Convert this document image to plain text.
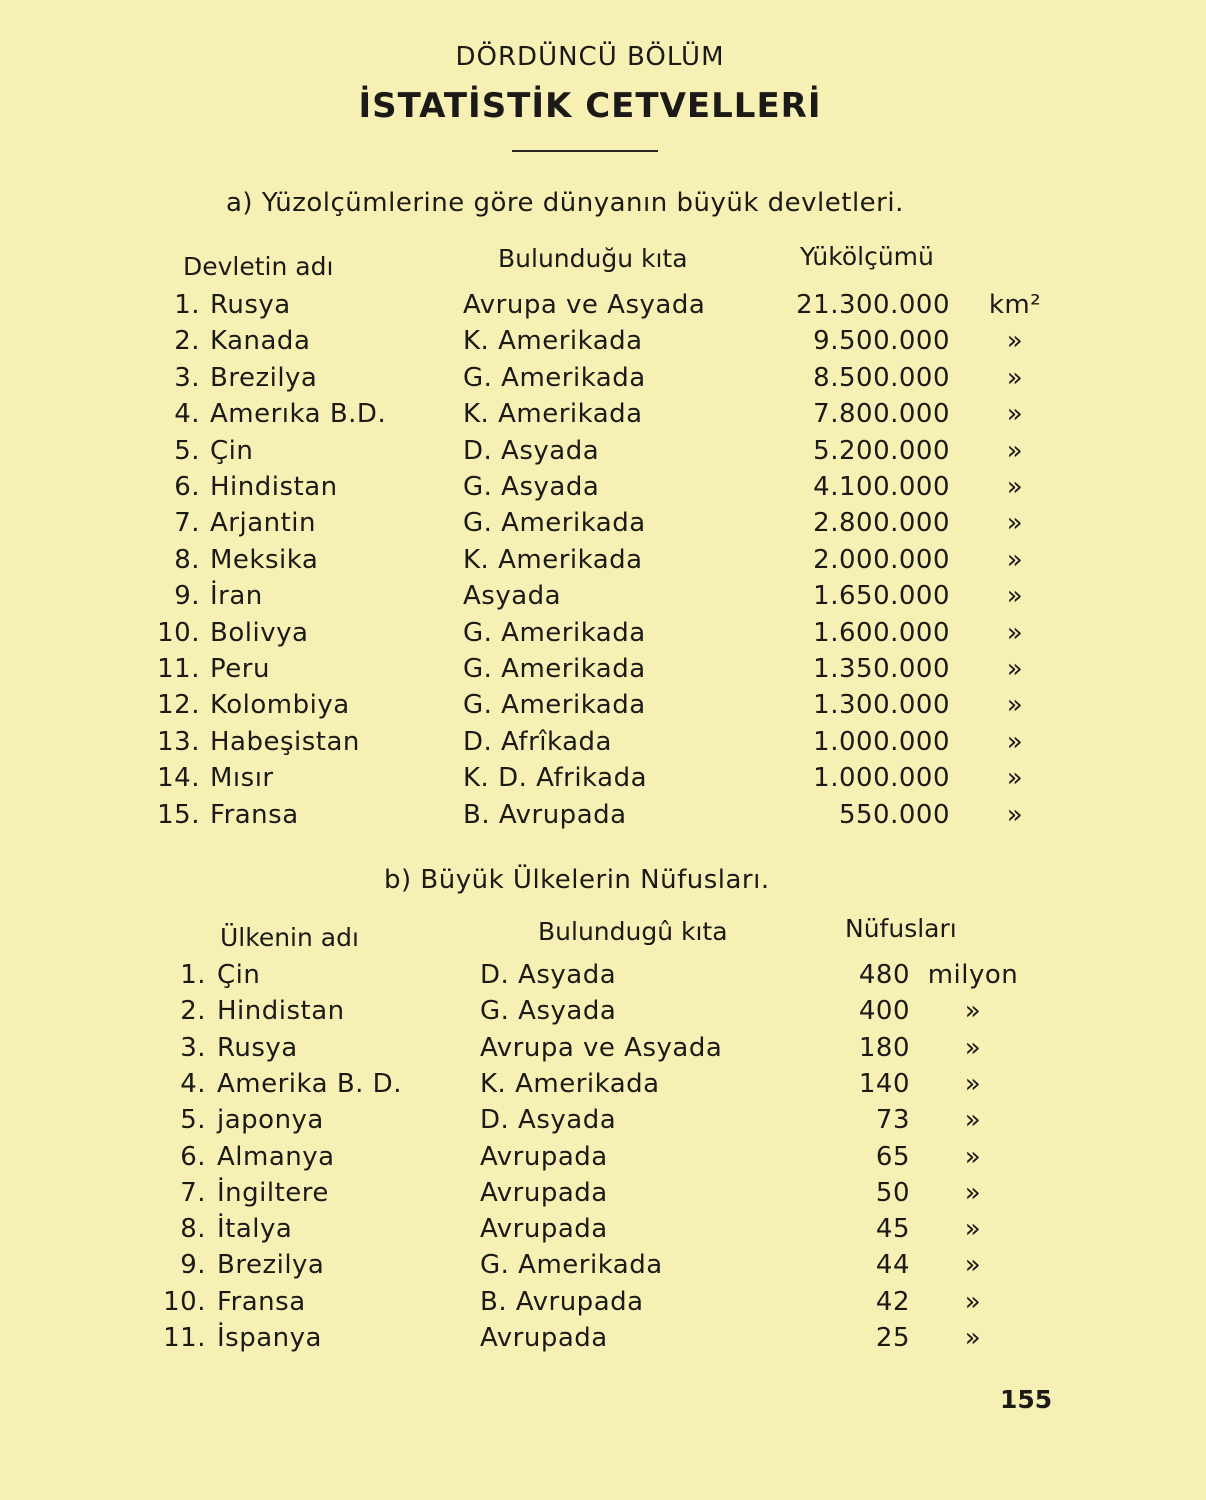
DÖRDÜNCÜ BÖLÜM
İSTATİSTİK CETVELLERİ
a) Yüzolçümlerine göre dünyanın büyük devletleri.
Devletin adı	Bulunduğu kıta	Yükölçümü
1. Rusya	Avrupa ve Asyada	21.300.000	km²
2. Kanada	K. Amerikada	9.500.000	»
3. Brezilya	G. Amerikada	8.500.000	»
4. Amerıka B.D.	K. Amerikada	7.800.000	»
5. Çin	D. Asyada	5.200.000	»
6. Hindistan	G. Asyada	4.100.000	»
7. Arjantin	G. Amerikada	2.800.000	»
8. Meksika	K. Amerikada	2.000.000	»
9. İran	Asyada	1.650.000	»
10. Bolivya	G. Amerikada	1.600.000	»
11. Peru	G. Amerikada	1.350.000	»
12. Kolombiya	G. Amerikada	1.300.000	»
13. Habeşistan	D. Afrîkada	1.000.000	»
14. Mısır	K. D. Afrikada	1.000.000	»
15. Fransa	B. Avrupada	550.000	»
b) Büyük Ülkelerin Nüfusları.
Ülkenin adı	Bulundugû kıta	Nüfusları
1. Çin	D. Asyada	480 milyon
2. Hindistan	G. Asyada	400	»
3. Rusya	Avrupa ve Asyada	180	»
4. Amerika B. D.	K. Amerikada	140	»
5. japonya	D. Asyada	73	»
6. Almanya	Avrupada	65	»
7. İngiltere	Avrupada	50	»
8. İtalya	Avrupada	45	»
9. Brezilya	G. Amerikada	44	»
10. Fransa	B. Avrupada	42	»
11. İspanya	Avrupada	25	»
155
